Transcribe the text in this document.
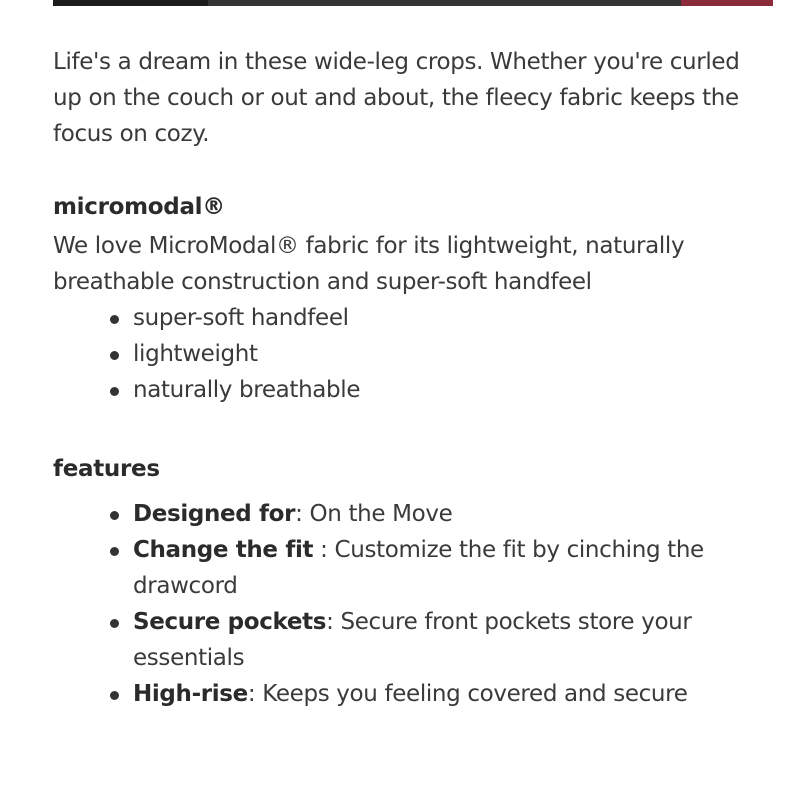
Life's a dream in these wide-leg crops. Whether you're curled up on the couch or out and about, the fleecy fabric keeps the focus on cozy.

micromodal®

We love MicroModal® fabric for its lightweight, naturally breathable construction and super-soft handfeel

super-soft handfeel
lightweight
naturally breathable
features
Designed for: On the Move
Change the fit : Customize the fit by cinching the drawcord
Secure pockets: Secure front pockets store your essentials
High-rise: Keeps you feeling covered and secure
